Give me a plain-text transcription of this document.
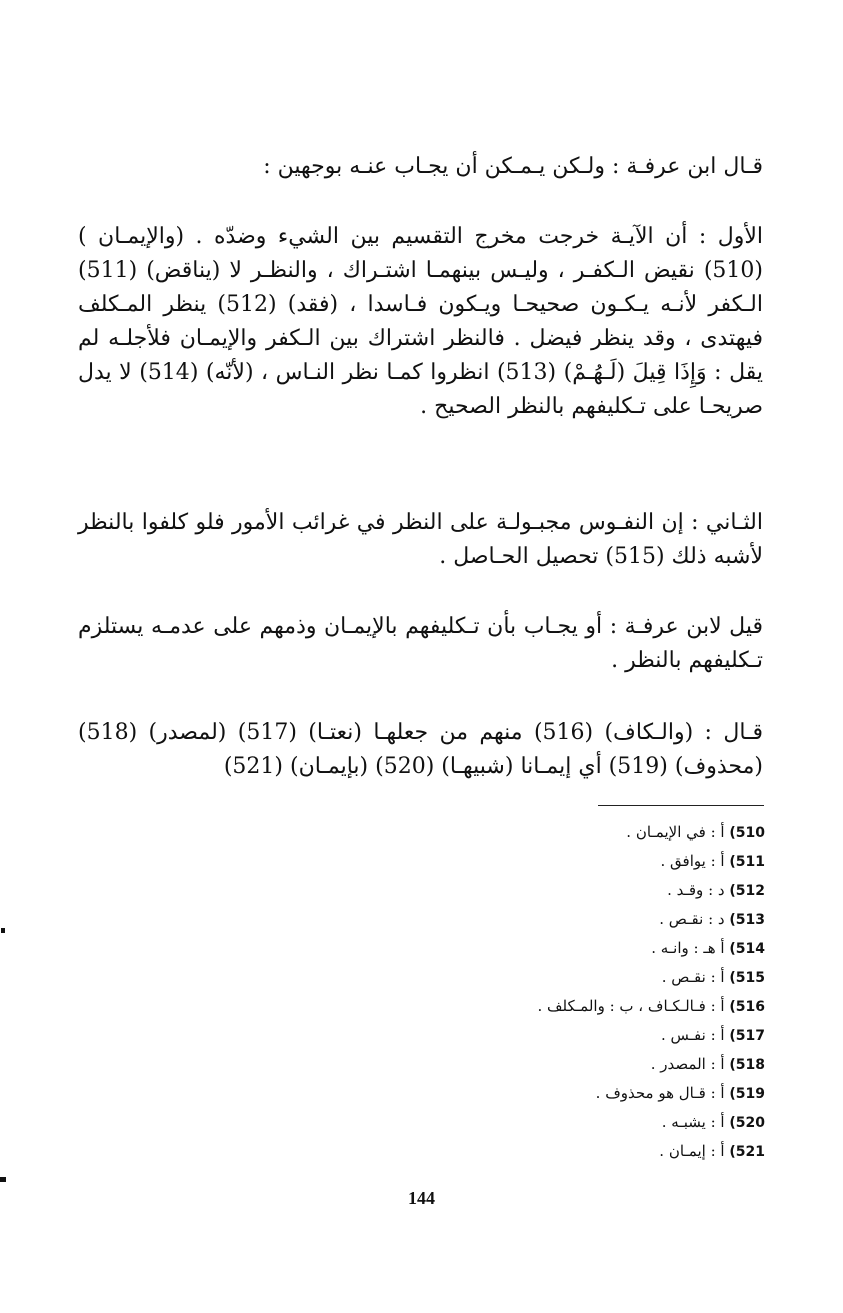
قـال ابن عرفـة : ولـكن يـمـكن أن يجـاب عنـه بوجهين :

الأول : أن الآيـة خرجت مخرج التقسيم بين الشيء وضدّه . (والإيمـان )(510) نقيض الـكفـر ، وليـس بينهمـا اشتـراك ، والنظـر لا (يناقض) (511) الـكفر لأنـه يـكـون صحيحـا ويـكون فـاسدا ، (فقد) (512) ينظر المـكلف فيهتدى ، وقد ينظر فيضل . فالنظر اشتراك بين الـكفر والإيمـان فلأجلـه لم يقل : وَإِذَا قِيلَ (لَـهُـمْ) (513) انظروا كمـا نظر النـاس ، (لأنّه) (514) لا يدل صريحـا على تـكليفهم بالنظر الصحيح .

الثـاني : إن النفـوس مجبـولـة على النظر في غرائب الأمور فلو كلفوا بالنظر لأشبه ذلك (515) تحصيل الحـاصل .

قيل لابن عرفـة : أو يجـاب بأن تـكليفهم بالإيمـان وذمهم على عدمـه يستلزم تـكليفهم بالنظر .

قـال : (والـكاف) (516) منهم من جعلهـا (نعتـا) (517) (لمصدر) (518) (محذوف) (519) أي إيمـانا (شبيهـا) (520) (بإيمـان) (521)

510) أ : في الإيمـان .
511) أ : يوافق .
512) د : وقـد .
513) د : نقـص .
514) أ هـ : وانـه .
515) أ : نقـص .
516) أ : فـالـكـاف ، ب : والمـكلف .
517) أ : نفـس .
518) أ : المصدر .
519) أ : قـال هو محذوف .
520) أ : يشبـه .
521) أ : إيمـان .
144
